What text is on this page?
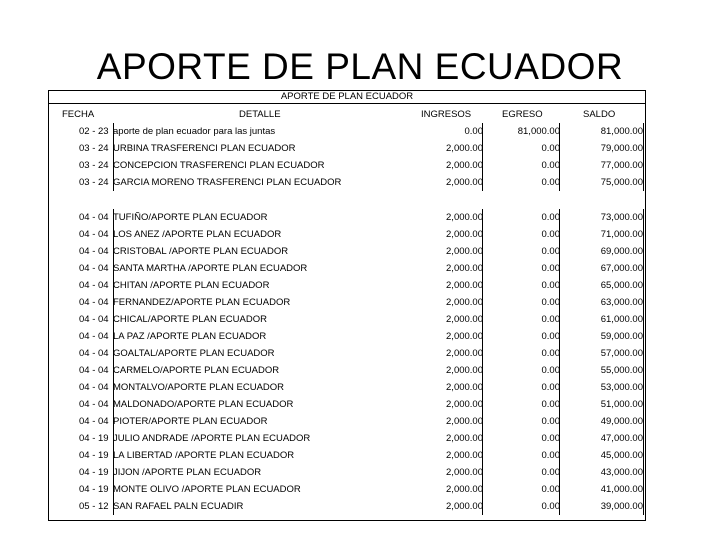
APORTE DE PLAN ECUADOR
APORTE DE PLAN ECUADOR
FECHA	DETALLE	INGRESOS	EGRESO	SALDO
02 - 23 aporte de plan ecuador para las juntas	0.00	81,000.00	81,000.00
03 - 24 URBINA TRASFERENCI PLAN ECUADOR	2,000.00	0.00	79,000.00
03 - 24 CONCEPCION TRASFERENCI PLAN ECUADOR	2,000.00	0.00	77,000.00
03 - 24 GARCIA MORENO TRASFERENCI PLAN ECUADOR	2,000.00	0.00	75,000.00
04 - 04 TUFIÑO/APORTE PLAN ECUADOR	2,000.00	0.00	73,000.00
04 - 04 LOS ANEZ /APORTE PLAN ECUADOR	2,000.00	0.00	71,000.00
04 - 04 CRISTOBAL /APORTE PLAN ECUADOR	2,000.00	0.00	69,000.00
04 - 04 SANTA MARTHA /APORTE PLAN ECUADOR	2,000.00	0.00	67,000.00
04 - 04 CHITAN /APORTE PLAN ECUADOR	2,000.00	0.00	65,000.00
04 - 04 FERNANDEZ/APORTE PLAN ECUADOR	2,000.00	0.00	63,000.00
04 - 04 CHICAL/APORTE PLAN ECUADOR	2,000.00	0.00	61,000.00
04 - 04 LA PAZ /APORTE PLAN ECUADOR	2,000.00	0.00	59,000.00
04 - 04 GOALTAL/APORTE PLAN ECUADOR	2,000.00	0.00	57,000.00
04 - 04 CARMELO/APORTE PLAN ECUADOR	2,000.00	0.00	55,000.00
04 - 04 MONTALVO/APORTE PLAN ECUADOR	2,000.00	0.00	53,000.00
04 - 04 MALDONADO/APORTE PLAN ECUADOR	2,000.00	0.00	51,000.00
04 - 04 PIOTER/APORTE PLAN ECUADOR	2,000.00	0.00	49,000.00
04 - 19 JULIO ANDRADE /APORTE PLAN ECUADOR	2,000.00	0.00	47,000.00
04 - 19 LA LIBERTAD /APORTE PLAN ECUADOR	2,000.00	0.00	45,000.00
04 - 19 JIJON /APORTE PLAN ECUADOR	2,000.00	0.00	43,000.00
04 - 19 MONTE OLIVO /APORTE PLAN ECUADOR	2,000.00	0.00	41,000.00
05 - 12 SAN RAFAEL PALN ECUADIR	2,000.00	0.00	39,000.00
